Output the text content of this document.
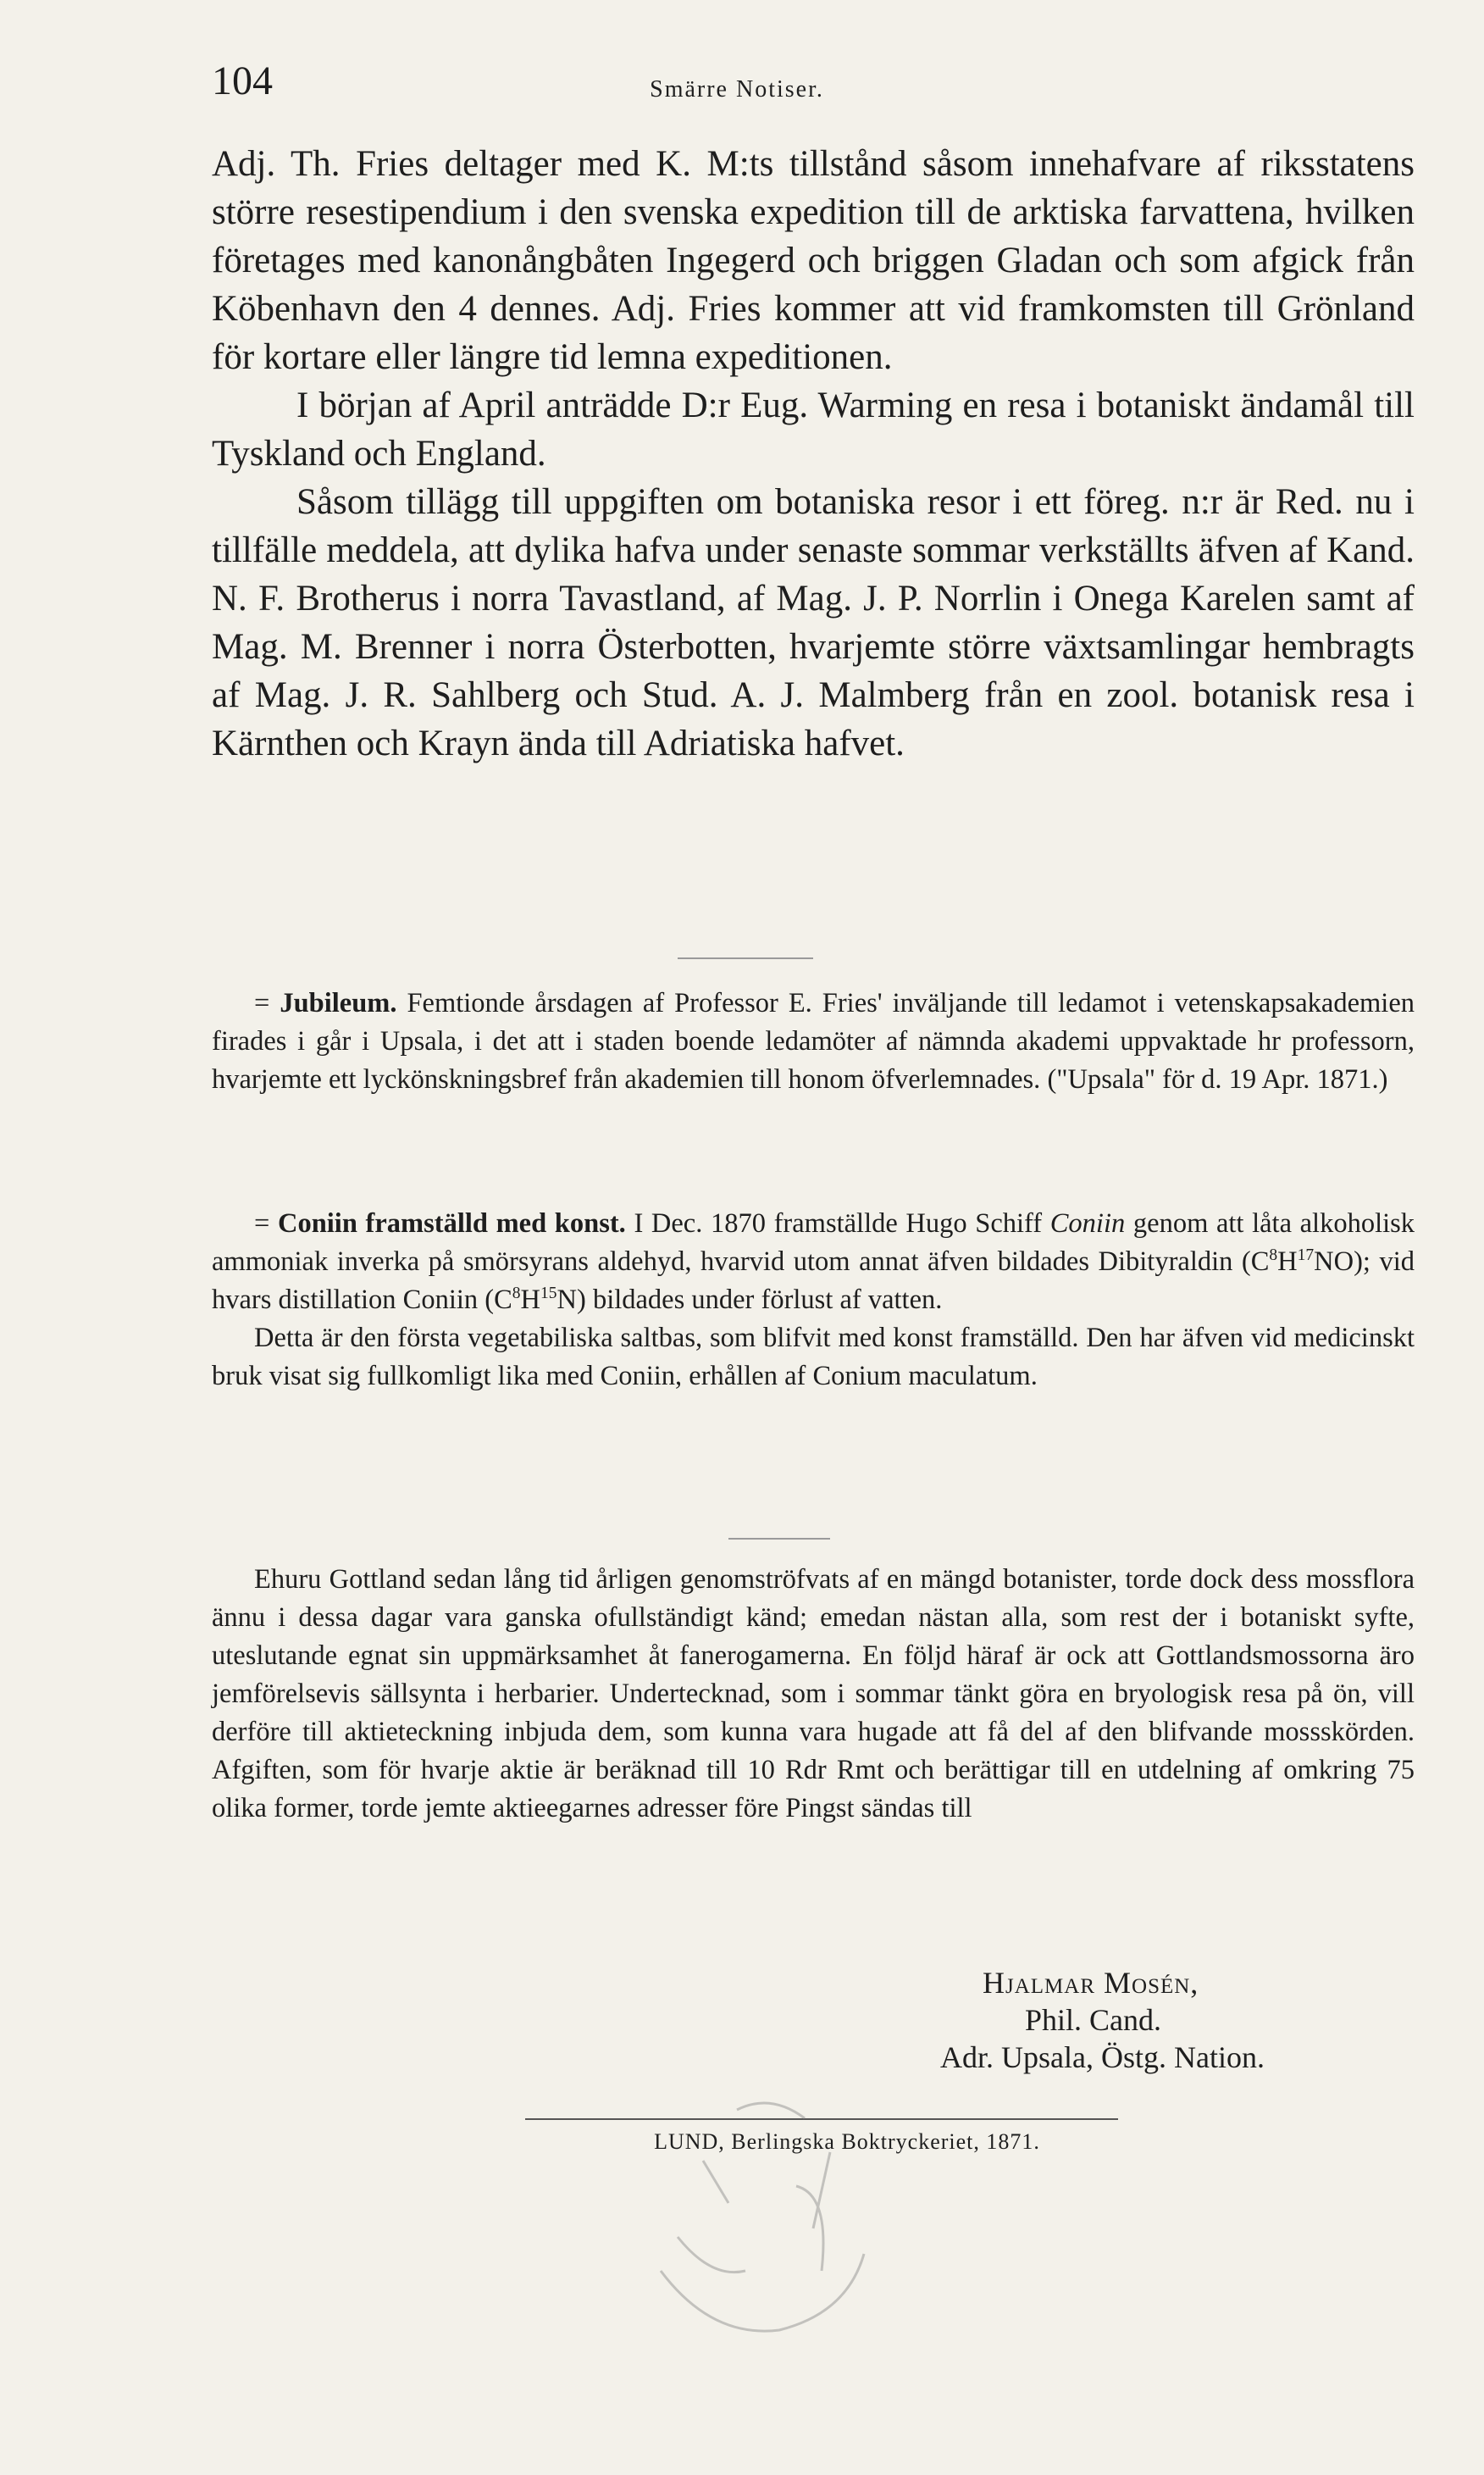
104	Smärre Notiser.

Adj. Th. Fries deltager med K. M:ts tillstånd såsom innehafvare af riksstatens större resestipendium i den svenska expedition till de arktiska farvattena, hvilken företages med kanonångbåten Ingegerd och briggen Gladan och som afgick från Köbenhavn den 4 dennes. Adj. Fries kommer att vid framkomsten till Grönland för kortare eller längre tid lemna expeditionen.

I början af April anträdde D:r Eug. Warming en resa i botaniskt ändamål till Tyskland och England.

Såsom tillägg till uppgiften om botaniska resor i ett föreg. n:r är Red. nu i tillfälle meddela, att dylika hafva under senaste sommar verkställts äfven af Kand. N. F. Brotherus i norra Tavastland, af Mag. J. P. Norrlin i Onega Karelen samt af Mag. M. Brenner i norra Österbotten, hvarjemte större växtsamlingar hembragts af Mag. J. R. Sahlberg och Stud. A. J. Malmberg från en zool. botanisk resa i Kärnthen och Krayn ända till Adriatiska hafvet.

= Jubileum. Femtionde årsdagen af Professor E. Fries' inväljande till ledamot i vetenskapsakademien firades i går i Upsala, i det att i staden boende ledamöter af nämnda akademi uppvaktade hr professorn, hvarjemte ett lyckönskningsbref från akademien till honom öfverlemnades. ("Upsala" för d. 19 Apr. 1871.)

= Coniin framställd med konst. I Dec. 1870 framställde Hugo Schiff Coniin genom att låta alkoholisk ammoniak inverka på smörsyrans aldehyd, hvarvid utom annat äfven bildades Dibityraldin $(C^8H^{17}NO)$; vid hvars distillation Coniin $(C^8H^{15}N)$ bildades under förlust af vatten.

Detta är den första vegetabiliska saltbas, som blifvit med konst framställd. Den har äfven vid medicinskt bruk visat sig fullkomligt lika med Coniin, erhållen af Conium maculatum.

Ehuru Gottland sedan lång tid årligen genomströfvats af en mängd botanister, torde dock dess mossflora ännu i dessa dagar vara ganska ofullständigt känd; emedan nästan alla, som rest der i botaniskt syfte, uteslutande egnat sin uppmärksamhet åt fanerogamerna. En följd häraf är ock att Gottlandsmossorna äro jemförelsevis sällsynta i herbarier. Undertecknad, som i sommar tänkt göra en bryologisk resa på ön, vill derföre till aktieteckning inbjuda dem, som kunna vara hugade att få del af den blifvande mossskörden. Afgiften, som för hvarje aktie är beräknad till 10 Rdr Rmt och berättigar till en utdelning af omkring 75 olika former, torde jemte aktieegarnes adresser före Pingst sändas till

Hjalmar Mosén,
Phil. Cand.
Adr. Upsala, Östg. Nation.
LUND, Berlingska Boktryckeriet, 1871.
